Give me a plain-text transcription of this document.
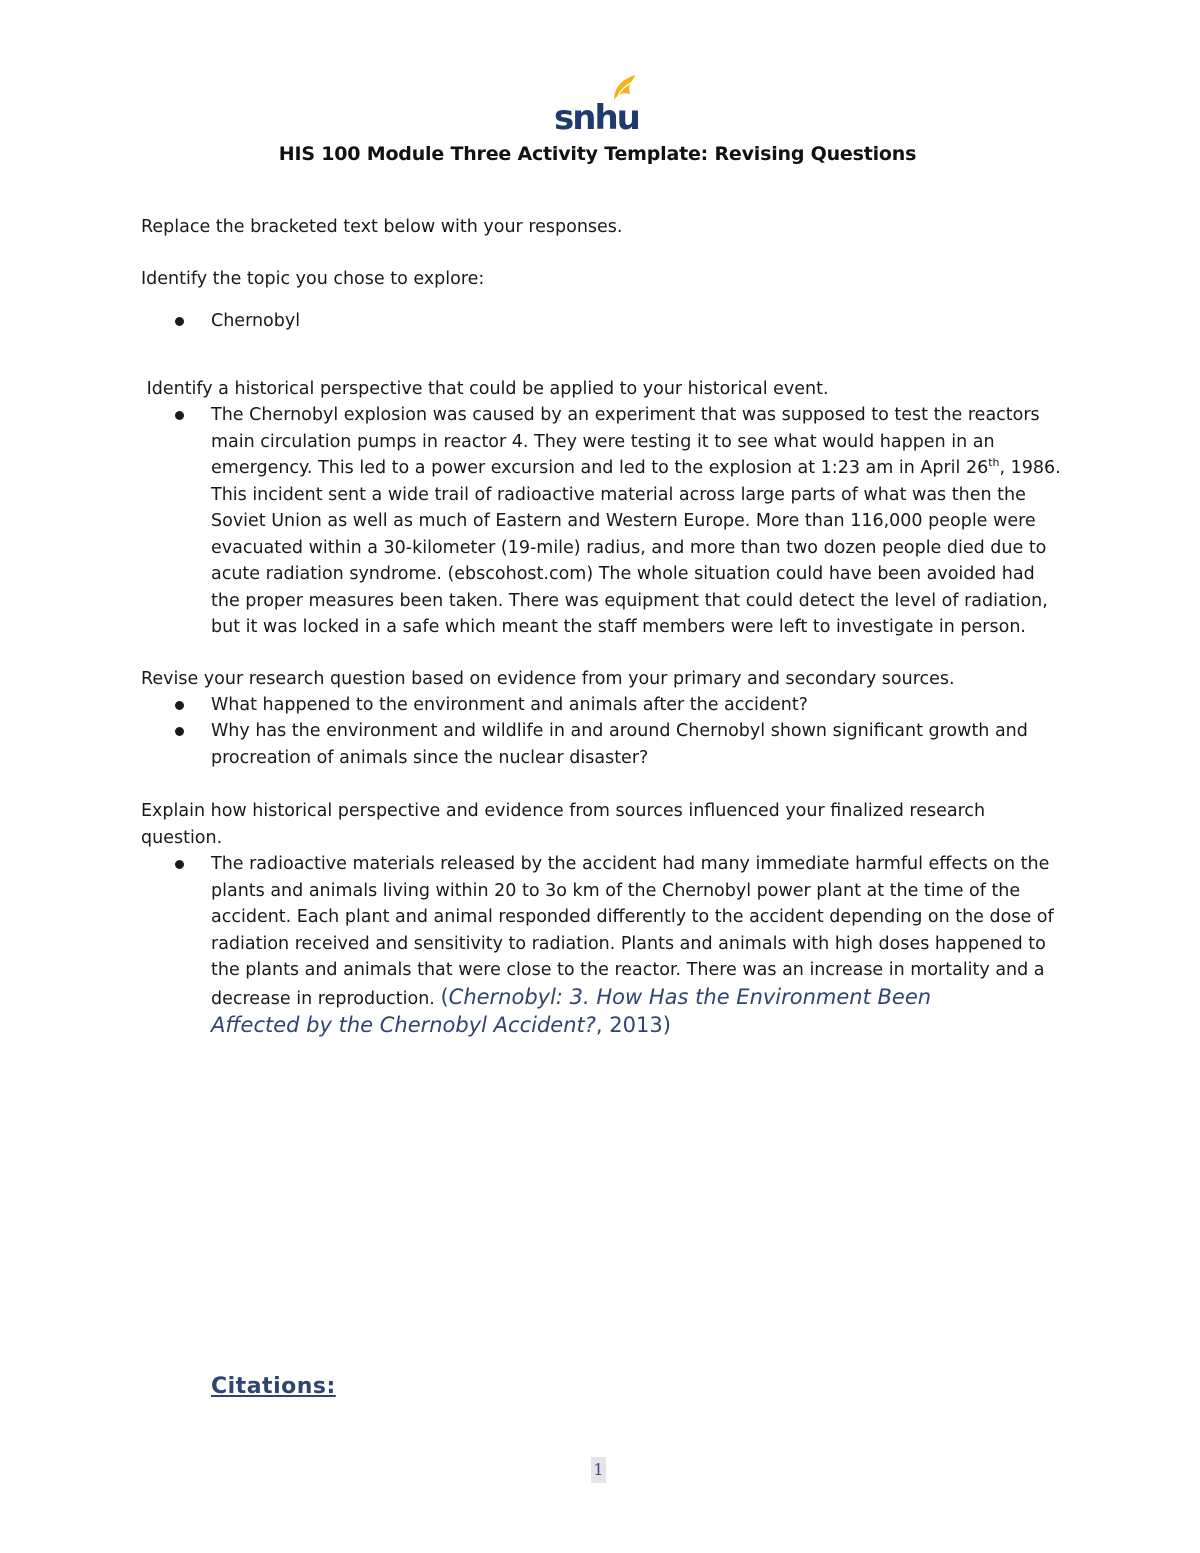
snhu
HIS 100 Module Three Activity Template: Revising Questions
Replace the bracketed text below with your responses.
Identify the topic you chose to explore:
Chernobyl
Identify a historical perspective that could be applied to your historical event.
The Chernobyl explosion was caused by an experiment that was supposed to test the reactors
main circulation pumps in reactor 4. They were testing it to see what would happen in an
emergency. This led to a power excursion and led to the explosion at 1:23 am in April 26th, 1986.
This incident sent a wide trail of radioactive material across large parts of what was then the
Soviet Union as well as much of Eastern and Western Europe. More than 116,000 people were
evacuated within a 30-kilometer (19-mile) radius, and more than two dozen people died due to
acute radiation syndrome. (ebscohost.com) The whole situation could have been avoided had
the proper measures been taken. There was equipment that could detect the level of radiation,
but it was locked in a safe which meant the staff members were left to investigate in person.
Revise your research question based on evidence from your primary and secondary sources.
What happened to the environment and animals after the accident?
Why has the environment and wildlife in and around Chernobyl shown significant growth and
procreation of animals since the nuclear disaster?
Explain how historical perspective and evidence from sources influenced your finalized research
question.
The radioactive materials released by the accident had many immediate harmful effects on the
plants and animals living within 20 to 3o km of the Chernobyl power plant at the time of the
accident. Each plant and animal responded differently to the accident depending on the dose of
radiation received and sensitivity to radiation. Plants and animals with high doses happened to
the plants and animals that were close to the reactor. There was an increase in mortality and a
decrease in reproduction. (Chernobyl: 3. How Has the Environment Been
Affected by the Chernobyl Accident?, 2013)
Citations:
1
